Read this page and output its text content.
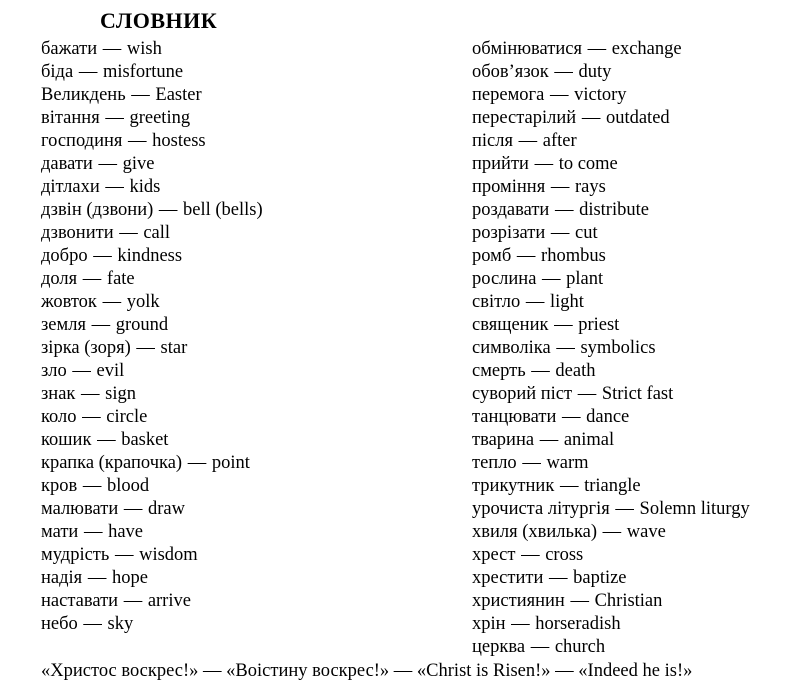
СЛОВНИК
бажати — wish
біда — misfortune
Великдень — Easter
вітання — greeting
господиня — hostess
давати — give
дітлахи — kids
дзвін (дзвони) — bell (bells)
дзвонити — call
добро — kindness
доля — fate
жовток — yolk
земля — ground
зірка (зоря) — star
зло — evil
знак — sign
коло — circle
кошик — basket
крапка (крапочка) — point
кров — blood
малювати — draw
мати — have
мудрість — wisdom
надія — hope
наставати — arrive
небо — sky
обмінюватися — exchange
обов’язок — duty
перемога — victory
перестарілий — outdated
після — after
прийти — to come
проміння — rays
роздавати — distribute
розрізати — cut
ромб — rhombus
рослина — plant
світло — light
священик — priest
символіка — symbolics
смерть — death
суворий піст — Strict fast
танцювати — dance
тварина — animal
тепло — warm
трикутник — triangle
урочиста літургія — Solemn liturgy
хвиля (хвилька) — wave
хрест — cross
хрестити — baptize
християнин — Christian
хрін — horseradish
церква — church
«Христос воскрес!» — «Воістину воскрес!» — «Christ is Risen!» — «Indeed he is!»
